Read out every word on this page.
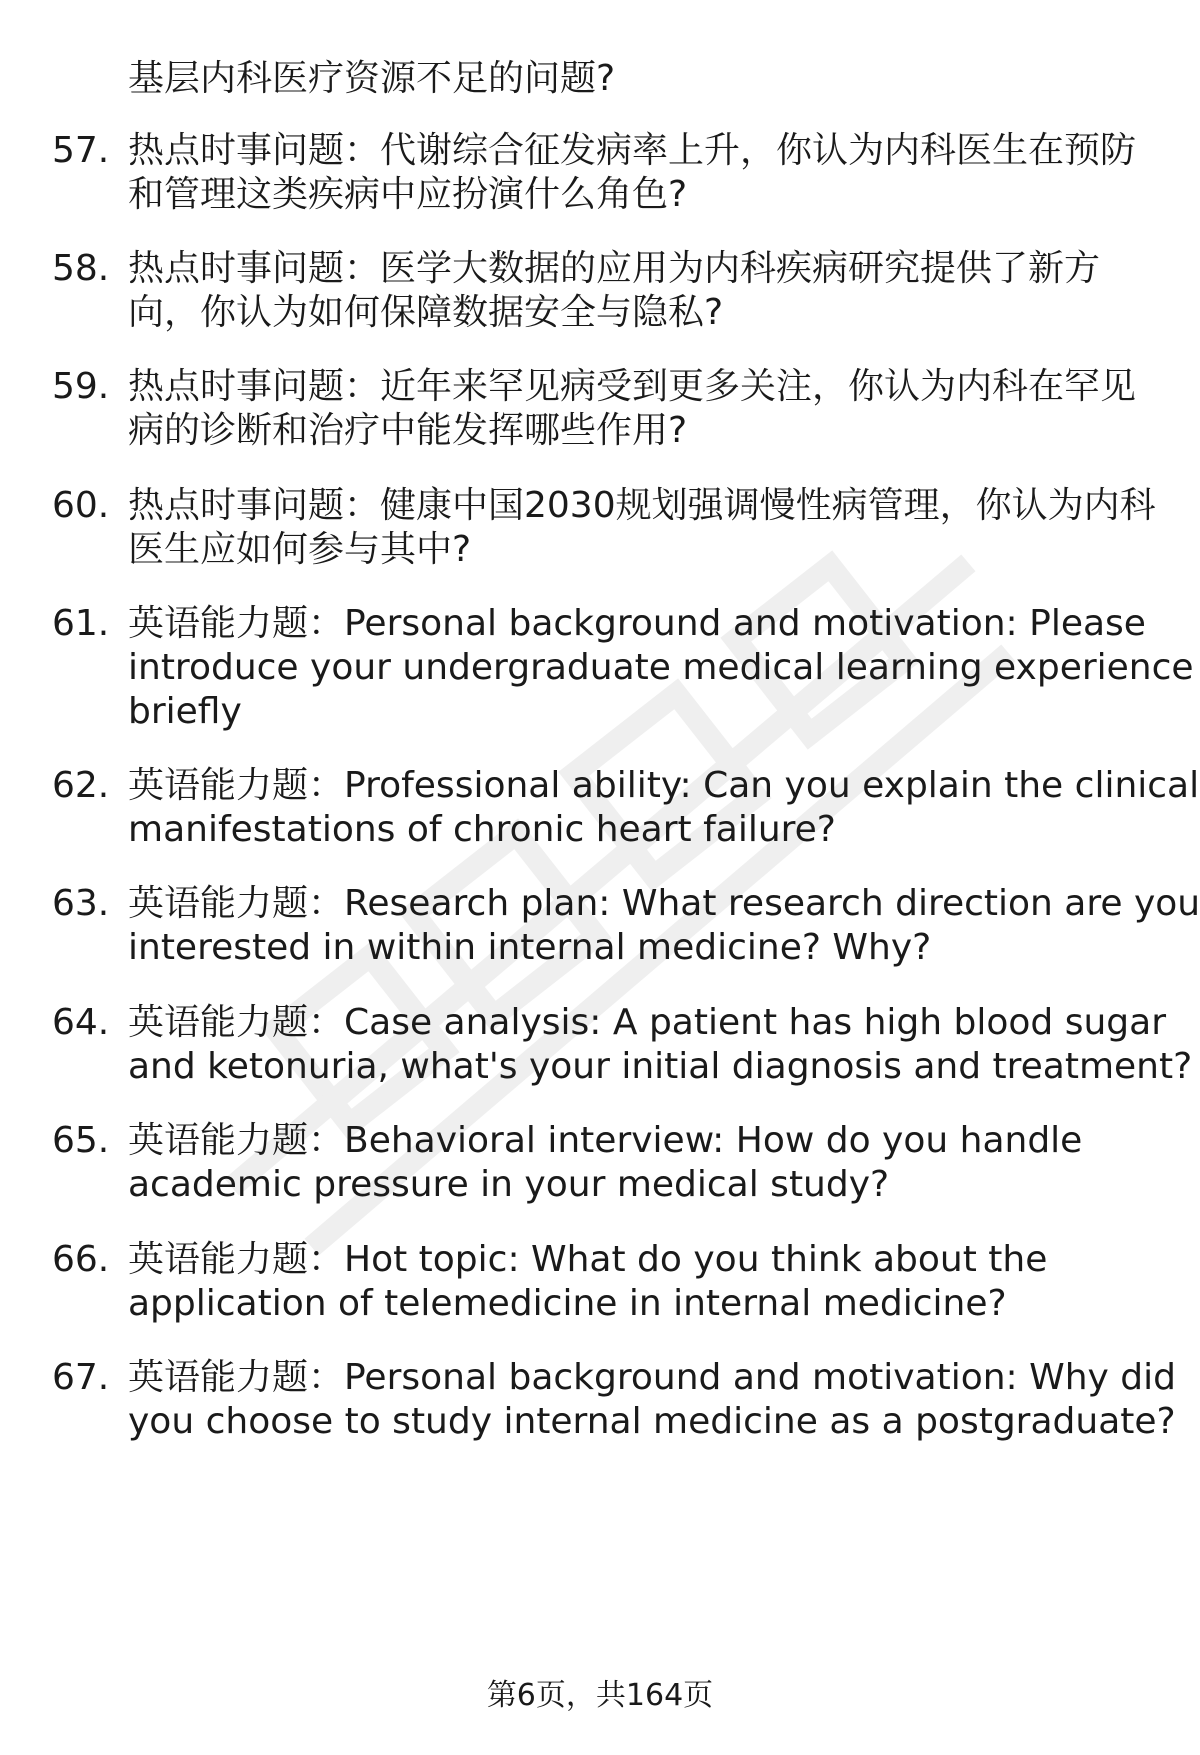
基层内科医疗资源不足的问题?
57. 热点时事问题：代谢综合征发病率上升，你认为内科医生在预防
和管理这类疾病中应扮演什么角色?
58. 热点时事问题：医学大数据的应用为内科疾病研究提供了新方
向，你认为如何保障数据安全与隐私?
59. 热点时事问题：近年来罕见病受到更多关注，你认为内科在罕见
病的诊断和治疗中能发挥哪些作用?
60. 热点时事问题：健康中国2030规划强调慢性病管理，你认为内科
医生应如何参与其中?
61. 英语能力题：Personal background and motivation: Please
introduce your undergraduate medical learning experience
briefly
62. 英语能力题：Professional ability: Can you explain the clinical
manifestations of chronic heart failure?
63. 英语能力题：Research plan: What research direction are you
interested in within internal medicine? Why?
64. 英语能力题：Case analysis: A patient has high blood sugar
and ketonuria, what's your initial diagnosis and treatment?
65. 英语能力题：Behavioral interview: How do you handle
academic pressure in your medical study?
66. 英语能力题：Hot topic: What do you think about the
application of telemedicine in internal medicine?
67. 英语能力题：Personal background and motivation: Why did
you choose to study internal medicine as a postgraduate?
第6页，共164页
